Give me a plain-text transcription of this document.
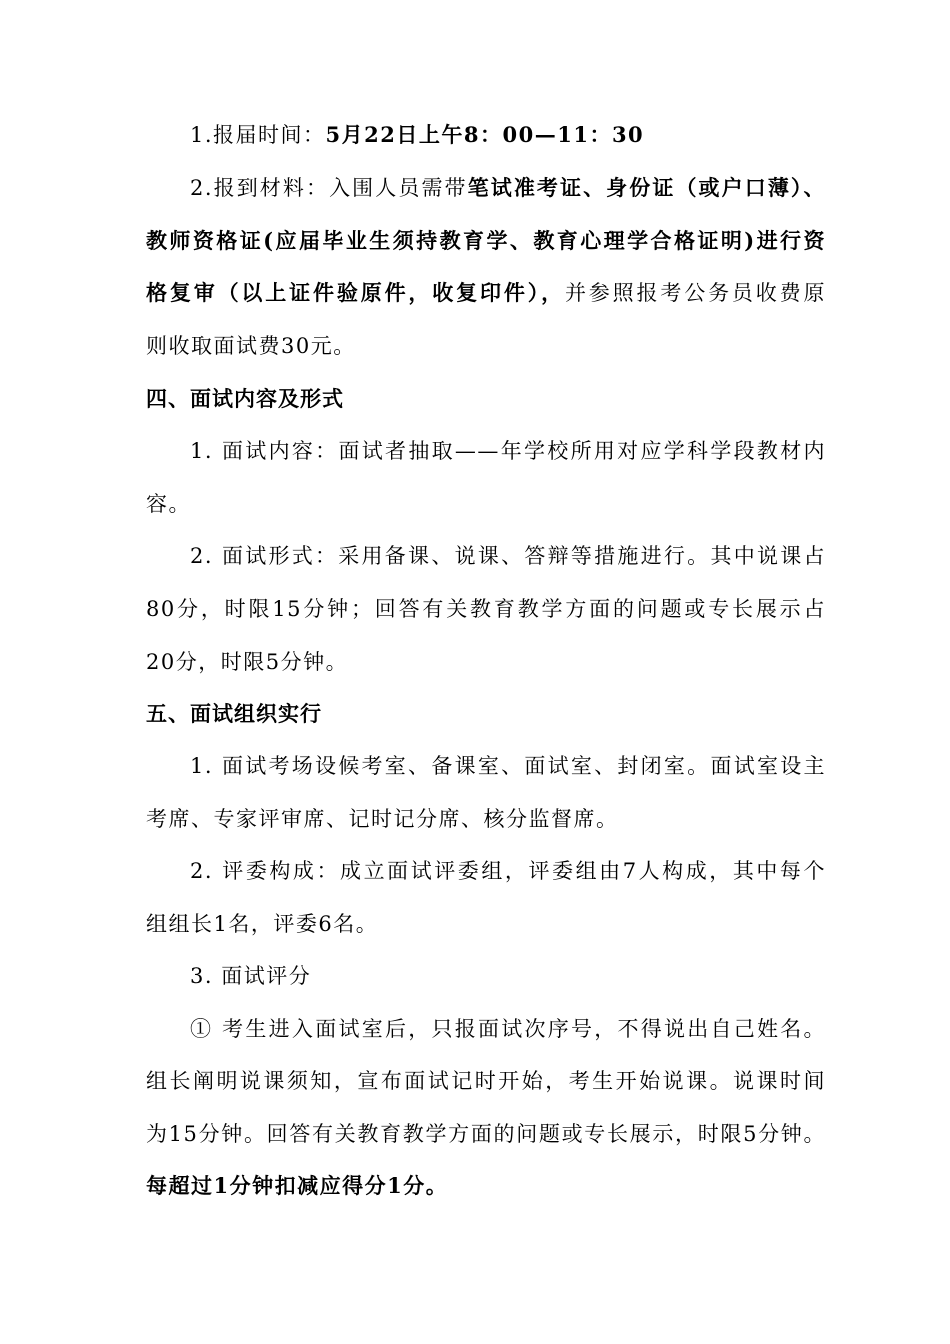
1.报届时间：5月22日上午8：00—11：30
2.报到材料：入围人员需带笔试准考证、身份证（或户口薄）、
教师资格证(应届毕业生须持教育学、教育心理学合格证明)进行资
格复审（以上证件验原件，收复印件），并参照报考公务员收费原
则收取面试费30元。
四、面试内容及形式
1. 面试内容：面试者抽取——年学校所用对应学科学段教材内
容。
2. 面试形式：采用备课、说课、答辩等措施进行。其中说课占
80分，时限15分钟；回答有关教育教学方面的问题或专长展示占
20分，时限5分钟。
五、面试组织实行
1. 面试考场设候考室、备课室、面试室、封闭室。面试室设主
考席、专家评审席、记时记分席、核分监督席。
2. 评委构成：成立面试评委组，评委组由7人构成，其中每个
组组长1名，评委6名。
3. 面试评分
① 考生进入面试室后，只报面试次序号，不得说出自己姓名。
组长阐明说课须知，宣布面试记时开始，考生开始说课。说课时间
为15分钟。回答有关教育教学方面的问题或专长展示，时限5分钟。
每超过1分钟扣减应得分1分。
